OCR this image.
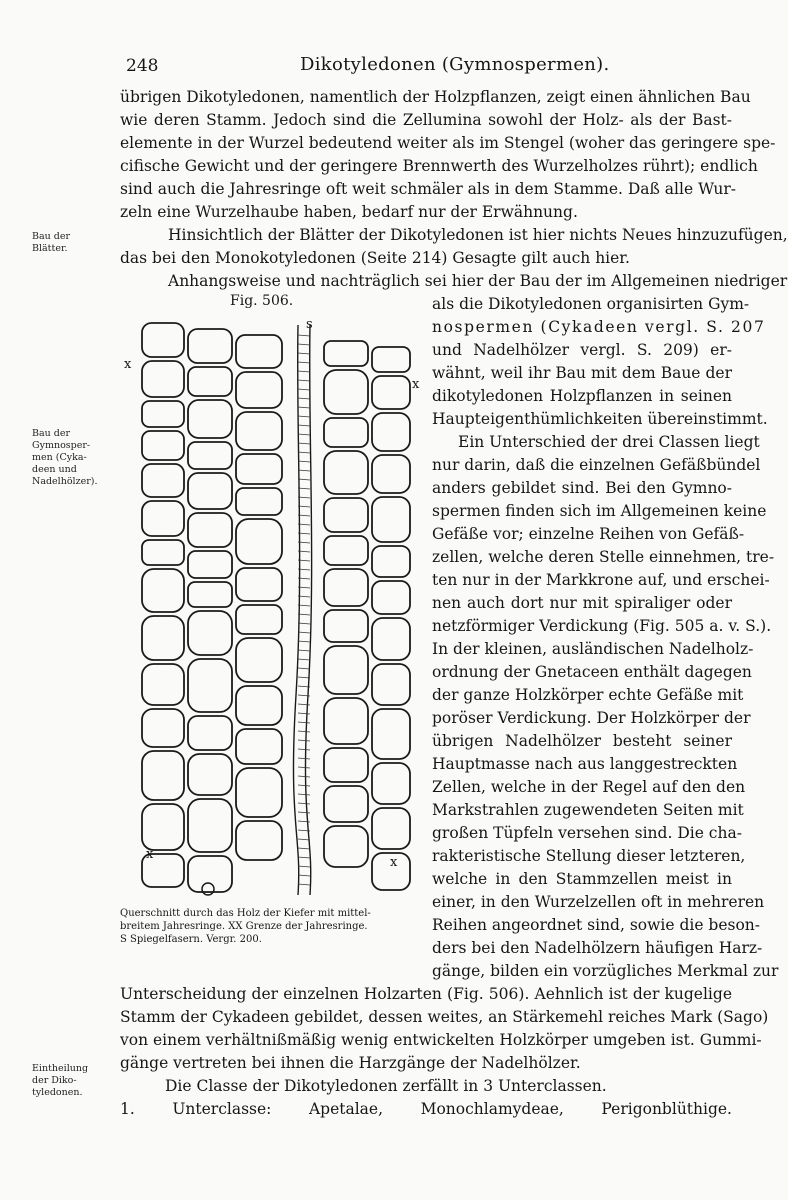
248	Dikotyledonen (Gymnospermen).
übrigen Dikotyledonen, namentlich der Holzpflanzen, zeigt einen ähnlichen Bau
wie deren Stamm. Jedoch sind die Zellumina sowohl der Holz- als der Bast-
elemente in der Wurzel bedeutend weiter als im Stengel (woher das geringere spe-
cifische Gewicht und der geringere Brennwerth des Wurzelholzes rührt); endlich
sind auch die Jahresringe oft weit schmäler als in dem Stamme. Daß alle Wur-
zeln eine Wurzelhaube haben, bedarf nur der Erwähnung.
Hinsichtlich der Blätter der Dikotyledonen ist hier nichts Neues hinzuzufügen,
das bei den Monokotyledonen (Seite 214) Gesagte gilt auch hier.
Anhangsweise und nachträglich sei hier der Bau der im Allgemeinen niedriger
als die Dikotyledonen organisirten Gym-
nospermen (Cykadeen vergl. S. 207
und Nadelhölzer vergl. S. 209) er-
wähnt, weil ihr Bau mit dem Baue der
dikotyledonen Holzpflanzen in seinen
Haupteigenthümlichkeiten übereinstimmt.
Ein Unterschied der drei Classen liegt
nur darin, daß die einzelnen Gefäßbündel
anders gebildet sind. Bei den Gymno-
spermen finden sich im Allgemeinen keine
Gefäße vor; einzelne Reihen von Gefäß-
zellen, welche deren Stelle einnehmen, tre-
ten nur in der Markkrone auf, und erschei-
nen auch dort nur mit spiraliger oder
netzförmiger Verdickung (Fig. 505 a. v. S.).
In der kleinen, ausländischen Nadelholz-
ordnung der Gnetaceen enthält dagegen
der ganze Holzkörper echte Gefäße mit
poröser Verdickung. Der Holzkörper der
übrigen Nadelhölzer besteht seiner
Hauptmasse nach aus langgestreckten
Zellen, welche in der Regel auf den den
Markstrahlen zugewendeten Seiten mit
großen Tüpfeln versehen sind. Die cha-
rakteristische Stellung dieser letzteren,
welche in den Stammzellen meist in
einer, in den Wurzelzellen oft in mehreren
Reihen angeordnet sind, sowie die beson-
ders bei den Nadelhölzern häufigen Harz-
gänge, bilden ein vorzügliches Merkmal zur
Unterscheidung der einzelnen Holzarten (Fig. 506). Aehnlich ist der kugelige
Stamm der Cykadeen gebildet, dessen weites, an Stärkemehl reiches Mark (Sago)
von einem verhältnißmäßig wenig entwickelten Holzkörper umgeben ist. Gummi-
gänge vertreten bei ihnen die Harzgänge der Nadelhölzer.
Die Classe der Dikotyledonen zerfällt in 3 Unterclassen.
1. Unterclasse: Apetalae, Monochlamydeae, Perigonblüthige.
Bau der
Blätter.
Bau der
Gymnosper-
men (Cyka-
deen und
Nadelhölzer).
Eintheilung
der Diko-
tyledonen.
Fig. 506.
s
x
x
x
x
Querschnitt durch das Holz der Kiefer mit mittel-
breitem Jahresringe. XX Grenze der Jahresringe.
S Spiegelfasern. Vergr. 200.
